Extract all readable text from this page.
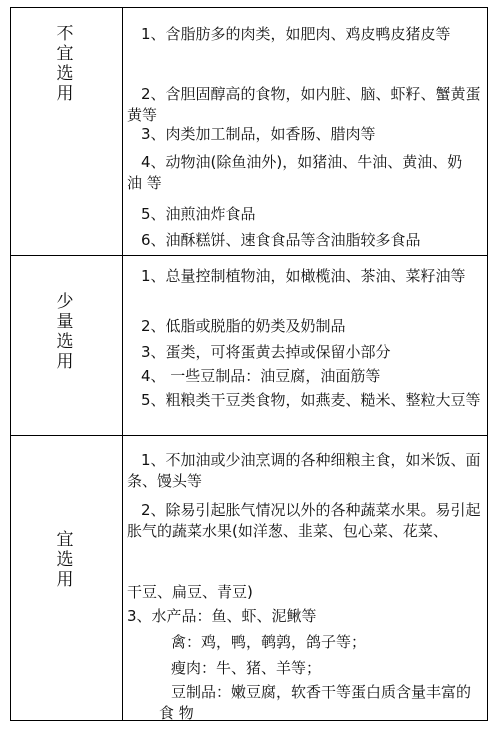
不宜选用

1、含脂肪多的肉类，如肥肉、鸡皮鸭皮猪皮等

2、含胆固醇高的食物，如内脏、脑、虾籽、蟹黄蛋黄等

3、肉类加工制品，如香肠、腊肉等

4、动物油(除鱼油外)，如猪油、牛油、黄油、奶 油 等

5、油煎油炸食品

6、油酥糕饼、速食食品等含油脂较多食品

少量选用

1、总量控制植物油，如橄榄油、茶油、菜籽油等

2、低脂或脱脂的奶类及奶制品

3、蛋类，可将蛋黄去掉或保留小部分

4、 一些豆制品：油豆腐，油面筋等

5、粗粮类干豆类食物，如燕麦、糙米、整粒大豆等

宜选用

1、不加油或少油烹调的各种细粮主食，如米饭、面 条、馒头等

2、除易引起胀气情况以外的各种蔬菜水果。易引起 胀气的蔬菜水果(如洋葱、韭菜、包心菜、花菜、

干豆、扁豆、青豆)

3、水产品：鱼、虾、泥鳅等

禽：鸡，鸭，鹌鹑，鸽子等；
瘦肉：牛、猪、羊等；

豆制品：嫩豆腐，软香干等蛋白质含量丰富的食 物
